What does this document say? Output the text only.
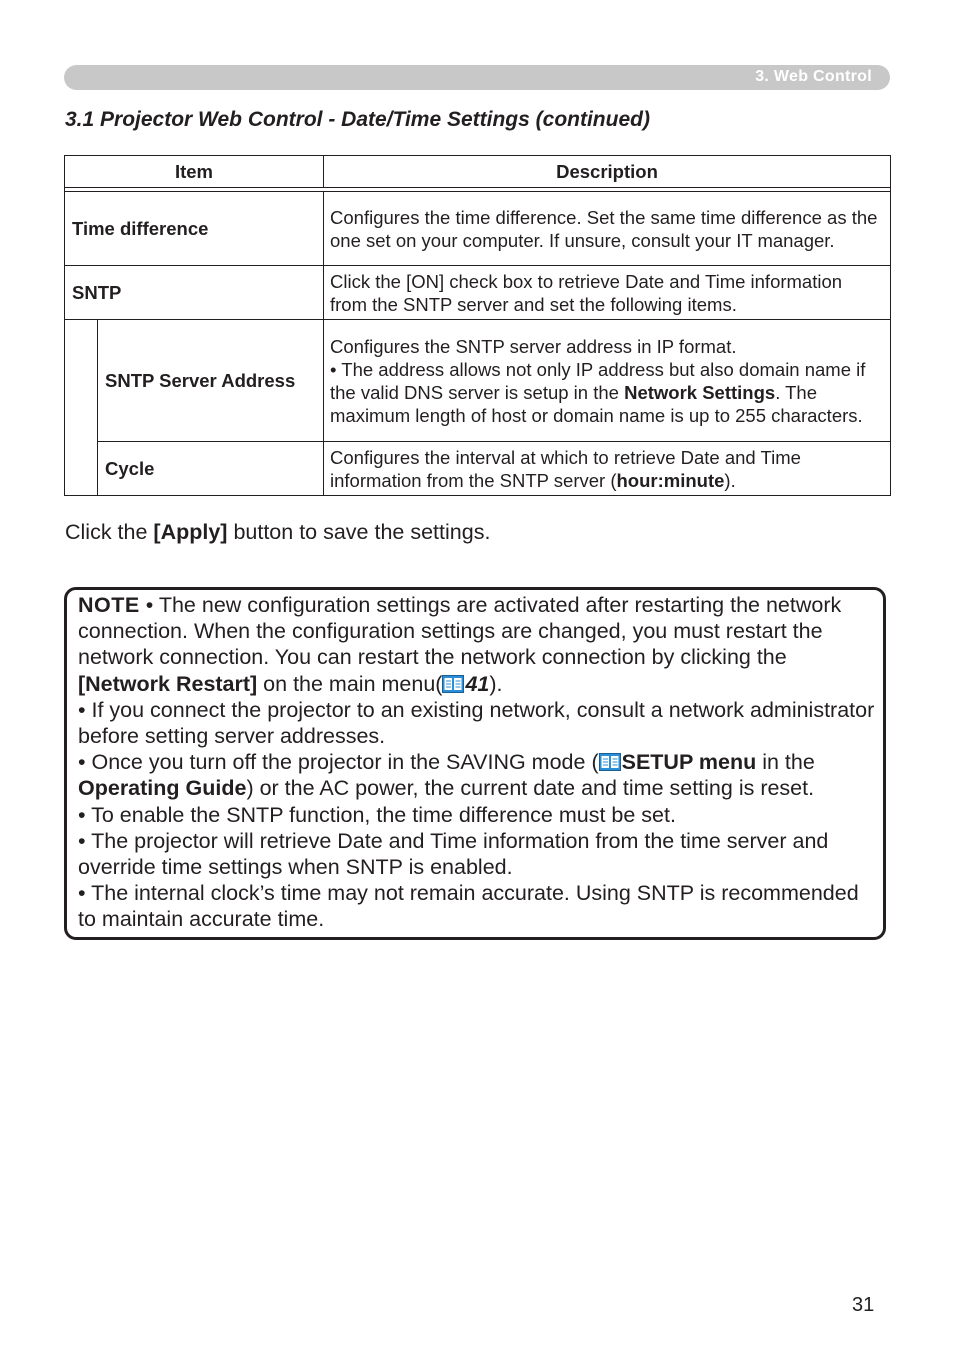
3. Web Control
3.1 Projector Web Control - Date/Time Settings (continued)
Item		Description

Time difference		Configures the time difference. Set the same time difference as the one set on your computer. If unsure, consult your IT manager.
SNTP		Click the [ON] check box to retrieve Date and Time information from the SNTP server and set the following items.
	SNTP Server Address	Configures the SNTP server address in IP format.
• The address allows not only IP address but also domain name if the valid DNS server is setup in the Network Settings. The maximum length of host or domain name is up to 255 characters.
	Cycle	Configures the interval at which to retrieve Date and Time information from the SNTP server (hour:minute).
Click the [Apply] button to save the settings.
NOTE • The new configuration settings are activated after restarting the network connection. When the configuration settings are changed, you must restart the network connection. You can restart the network connection by clicking the [Network Restart] on the main menu( 41).
• If you connect the projector to an existing network, consult a network administrator before setting server addresses.
• Once you turn off the projector in the SAVING mode ( SETUP menu in the Operating Guide) or the AC power, the current date and time setting is reset.
• To enable the SNTP function, the time difference must be set.
• The projector will retrieve Date and Time information from the time server and override time settings when SNTP is enabled.
• The internal clock’s time may not remain accurate. Using SNTP is recommended to maintain accurate time.
31
